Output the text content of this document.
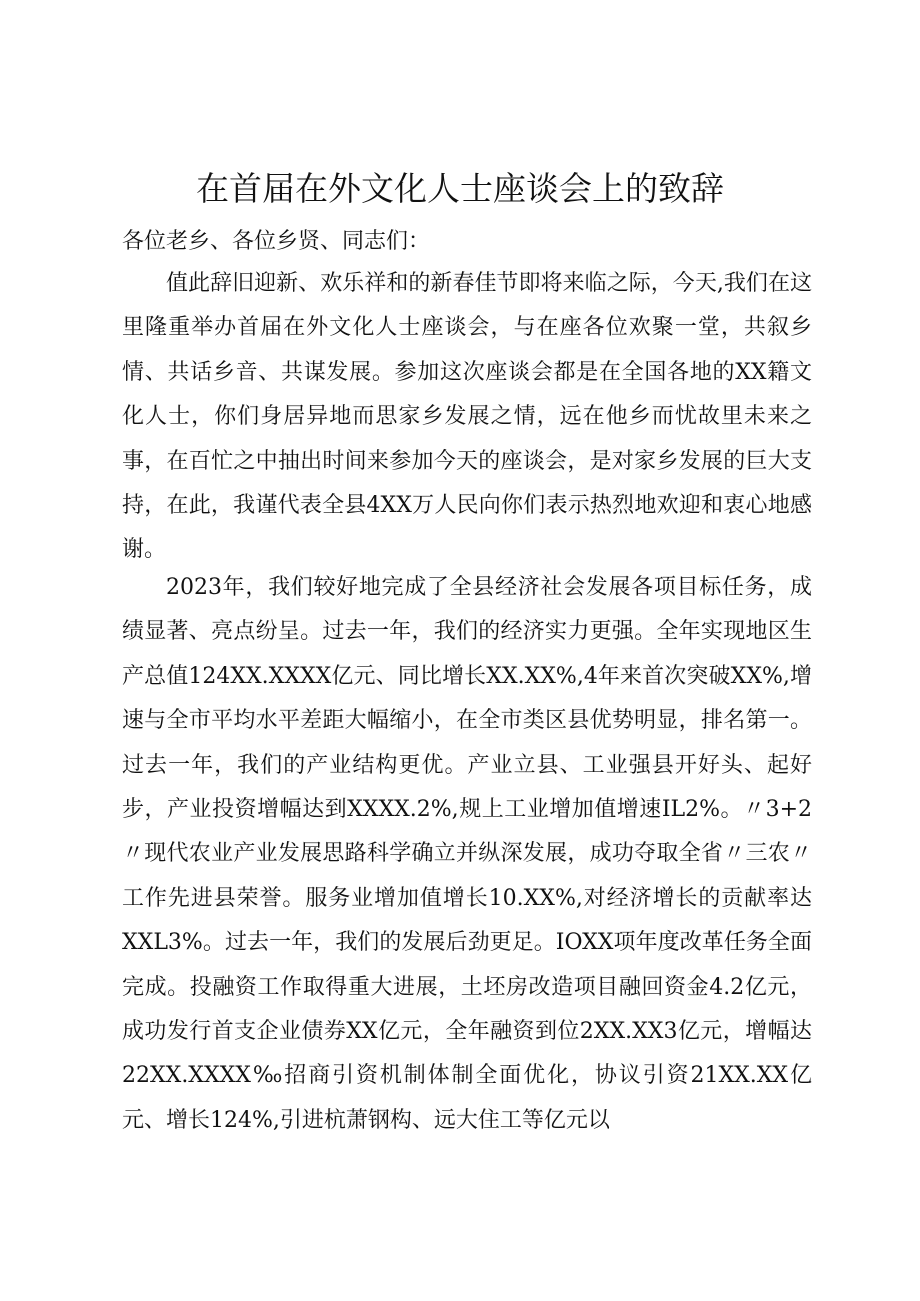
在首届在外文化人士座谈会上的致辞

各位老乡、各位乡贤、同志们：

值此辞旧迎新、欢乐祥和的新春佳节即将来临之际，今天,我们在这里隆重举办首届在外文化人士座谈会，与在座各位欢聚一堂，共叙乡情、共话乡音、共谋发展。参加这次座谈会都是在全国各地的XX籍文化人士，你们身居异地而思家乡发展之情，远在他乡而忧故里未来之事，在百忙之中抽出时间来参加今天的座谈会，是对家乡发展的巨大支持，在此，我谨代表全县4XX万人民向你们表示热烈地欢迎和衷心地感谢。

2023年，我们较好地完成了全县经济社会发展各项目标任务，成绩显著、亮点纷呈。过去一年，我们的经济实力更强。全年实现地区生产总值124XX.XXXX亿元、同比增长XX.XX%,4年来首次突破XX%,增速与全市平均水平差距大幅缩小，在全市类区县优势明显，排名第一。过去一年，我们的产业结构更优。产业立县、工业强县开好头、起好步，产业投资增幅达到XXXX.2%,规上工业增加值增速IL2%。〃3+2〃现代农业产业发展思路科学确立并纵深发展，成功夺取全省〃三农〃工作先进县荣誉。服务业增加值增长10.XX%,对经济增长的贡献率达XXL3%。过去一年，我们的发展后劲更足。IOXX项年度改革任务全面完成。投融资工作取得重大进展，土坯房改造项目融回资金4.2亿元，成功发行首支企业债券XX亿元，全年融资到位2XX.XX3亿元，增幅达22XX.XXXX‰招商引资机制体制全面优化，协议引资21XX.XX亿元、增长124%,引进杭萧钢构、远大住工等亿元以
